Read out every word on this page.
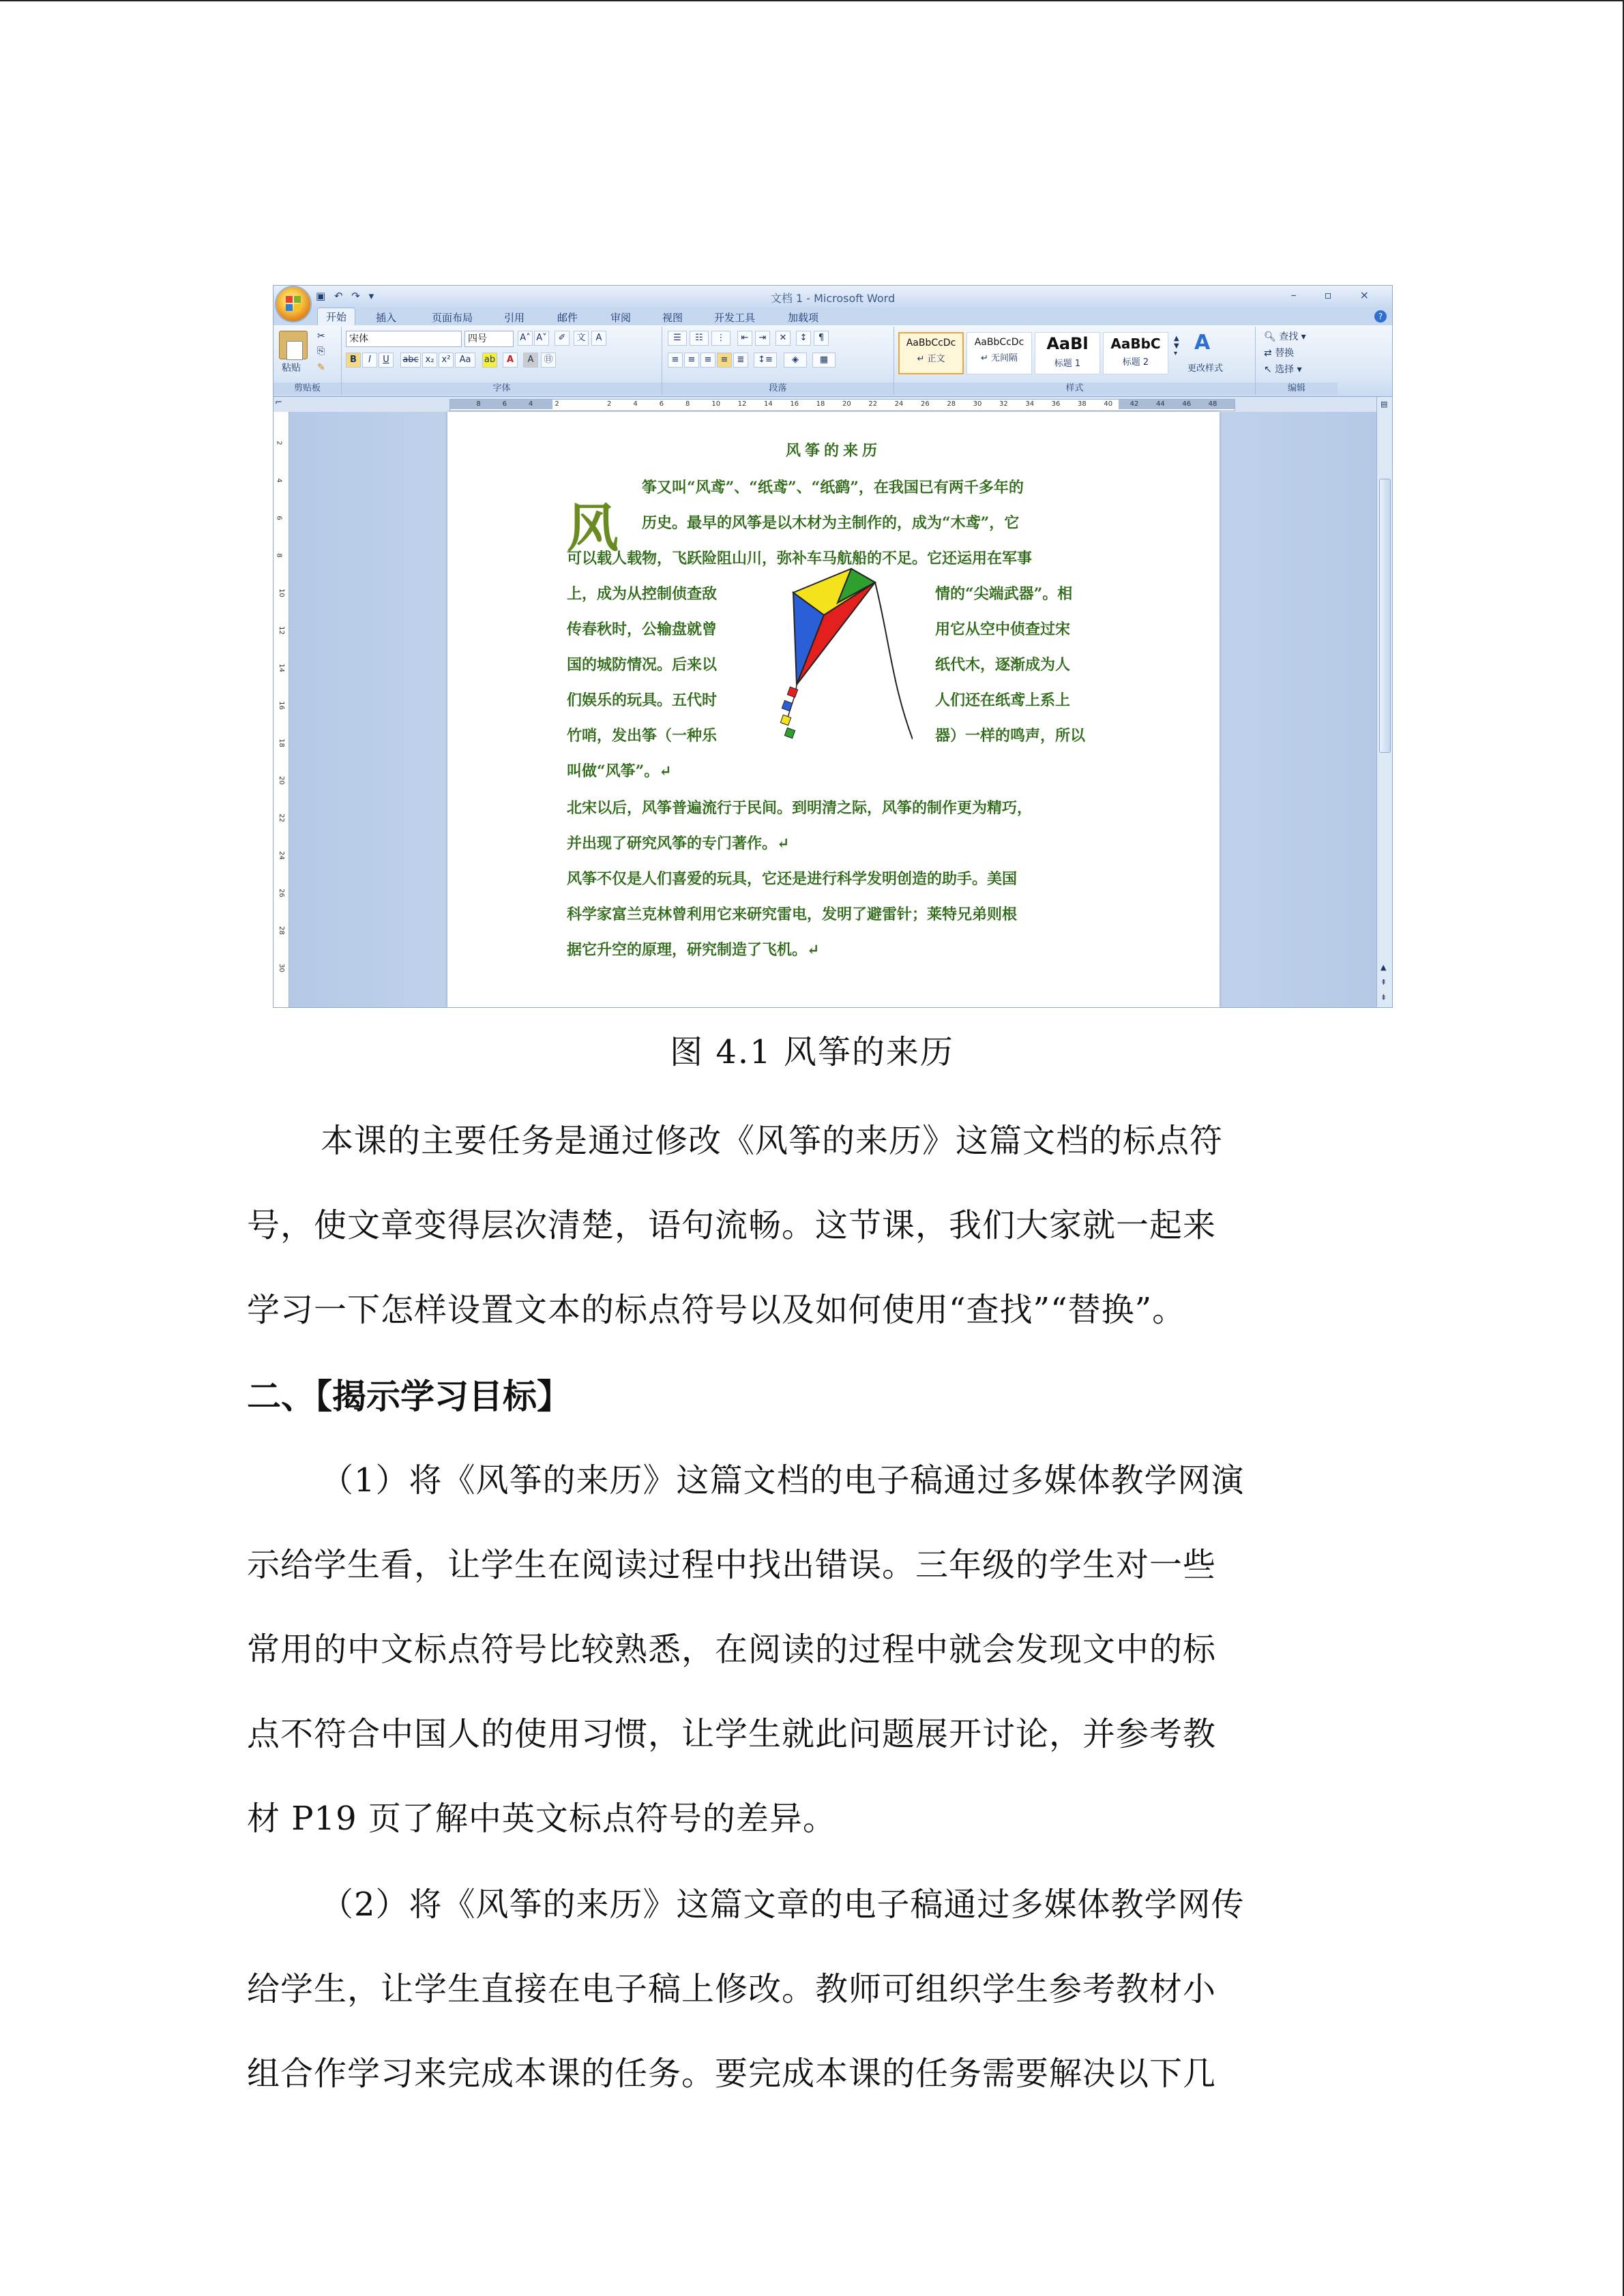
▣ ↶ ↷ ▾	文档 1 - Microsoft Word	– ▫ ×
开始	插入	页面布局	引用	邮件	审阅	视图	开发工具	加载项	?
粘贴
✂
⎘
✎
剪贴板
宋体	四号	A˄ A˅	✐	文	A
B	I	U	abc x₂ x²	Aa	ab	A	A	㊐
字体
☰	☷	⋮	⇤	⇥	✕	↕	¶
≡	≡	≡	≡	≣	↕≡	◈	▦
段落
AaBbCcDc
↵ 正文
AaBbCcDc
↵ 无间隔
AaBl
标题 1
AaBbC
标题 2
▲
▼
▾ A
更改样式
样式
🔍︎ 查找 ▾
⇄ 替换
↖ 选择 ▾
编辑
⌐	8	6	4	2	2	4	6	8	10	12	14	16	18	20	22	24	26	28	30	32	34	36	38	40	42	44	46	48
2
4
6
8
10
12
14
16
18
20
22
24
26
28
30
▤
▲
⇞
⇟
风筝的来历
风
筝又叫“风鸢”、“纸鸢”、“纸鹞”，在我国已有两千多年的
历史。最早的风筝是以木材为主制作的，成为“木鸢”，它
可以载人载物，飞跃险阻山川，弥补车马航船的不足。它还运用在军事
上，成为从控制侦查敌	情的“尖端武器”。相
传春秋时，公输盘就曾	用它从空中侦查过宋
国的城防情况。后来以	纸代木，逐渐成为人
们娱乐的玩具。五代时	人们还在纸鸢上系上
竹哨，发出筝（一种乐	器）一样的鸣声，所以
叫做“风筝”。↵
北宋以后，风筝普遍流行于民间。到明清之际，风筝的制作更为精巧，
并出现了研究风筝的专门著作。↵
风筝不仅是人们喜爱的玩具，它还是进行科学发明创造的助手。美国
科学家富兰克林曾利用它来研究雷电，发明了避雷针；莱特兄弟则根
据它升空的原理，研究制造了飞机。↵
图 4.1 风筝的来历
本课的主要任务是通过修改《风筝的来历》这篇文档的标点符
号，使文章变得层次清楚，语句流畅。这节课，我们大家就一起来
学习一下怎样设置文本的标点符号以及如何使用“查找”“替换”。
二、【揭示学习目标】
（1）将《风筝的来历》这篇文档的电子稿通过多媒体教学网演
示给学生看，让学生在阅读过程中找出错误。三年级的学生对一些
常用的中文标点符号比较熟悉，在阅读的过程中就会发现文中的标
点不符合中国人的使用习惯，让学生就此问题展开讨论，并参考教
材 P19 页了解中英文标点符号的差异。
（2）将《风筝的来历》这篇文章的电子稿通过多媒体教学网传
给学生，让学生直接在电子稿上修改。教师可组织学生参考教材小
组合作学习来完成本课的任务。要完成本课的任务需要解决以下几
